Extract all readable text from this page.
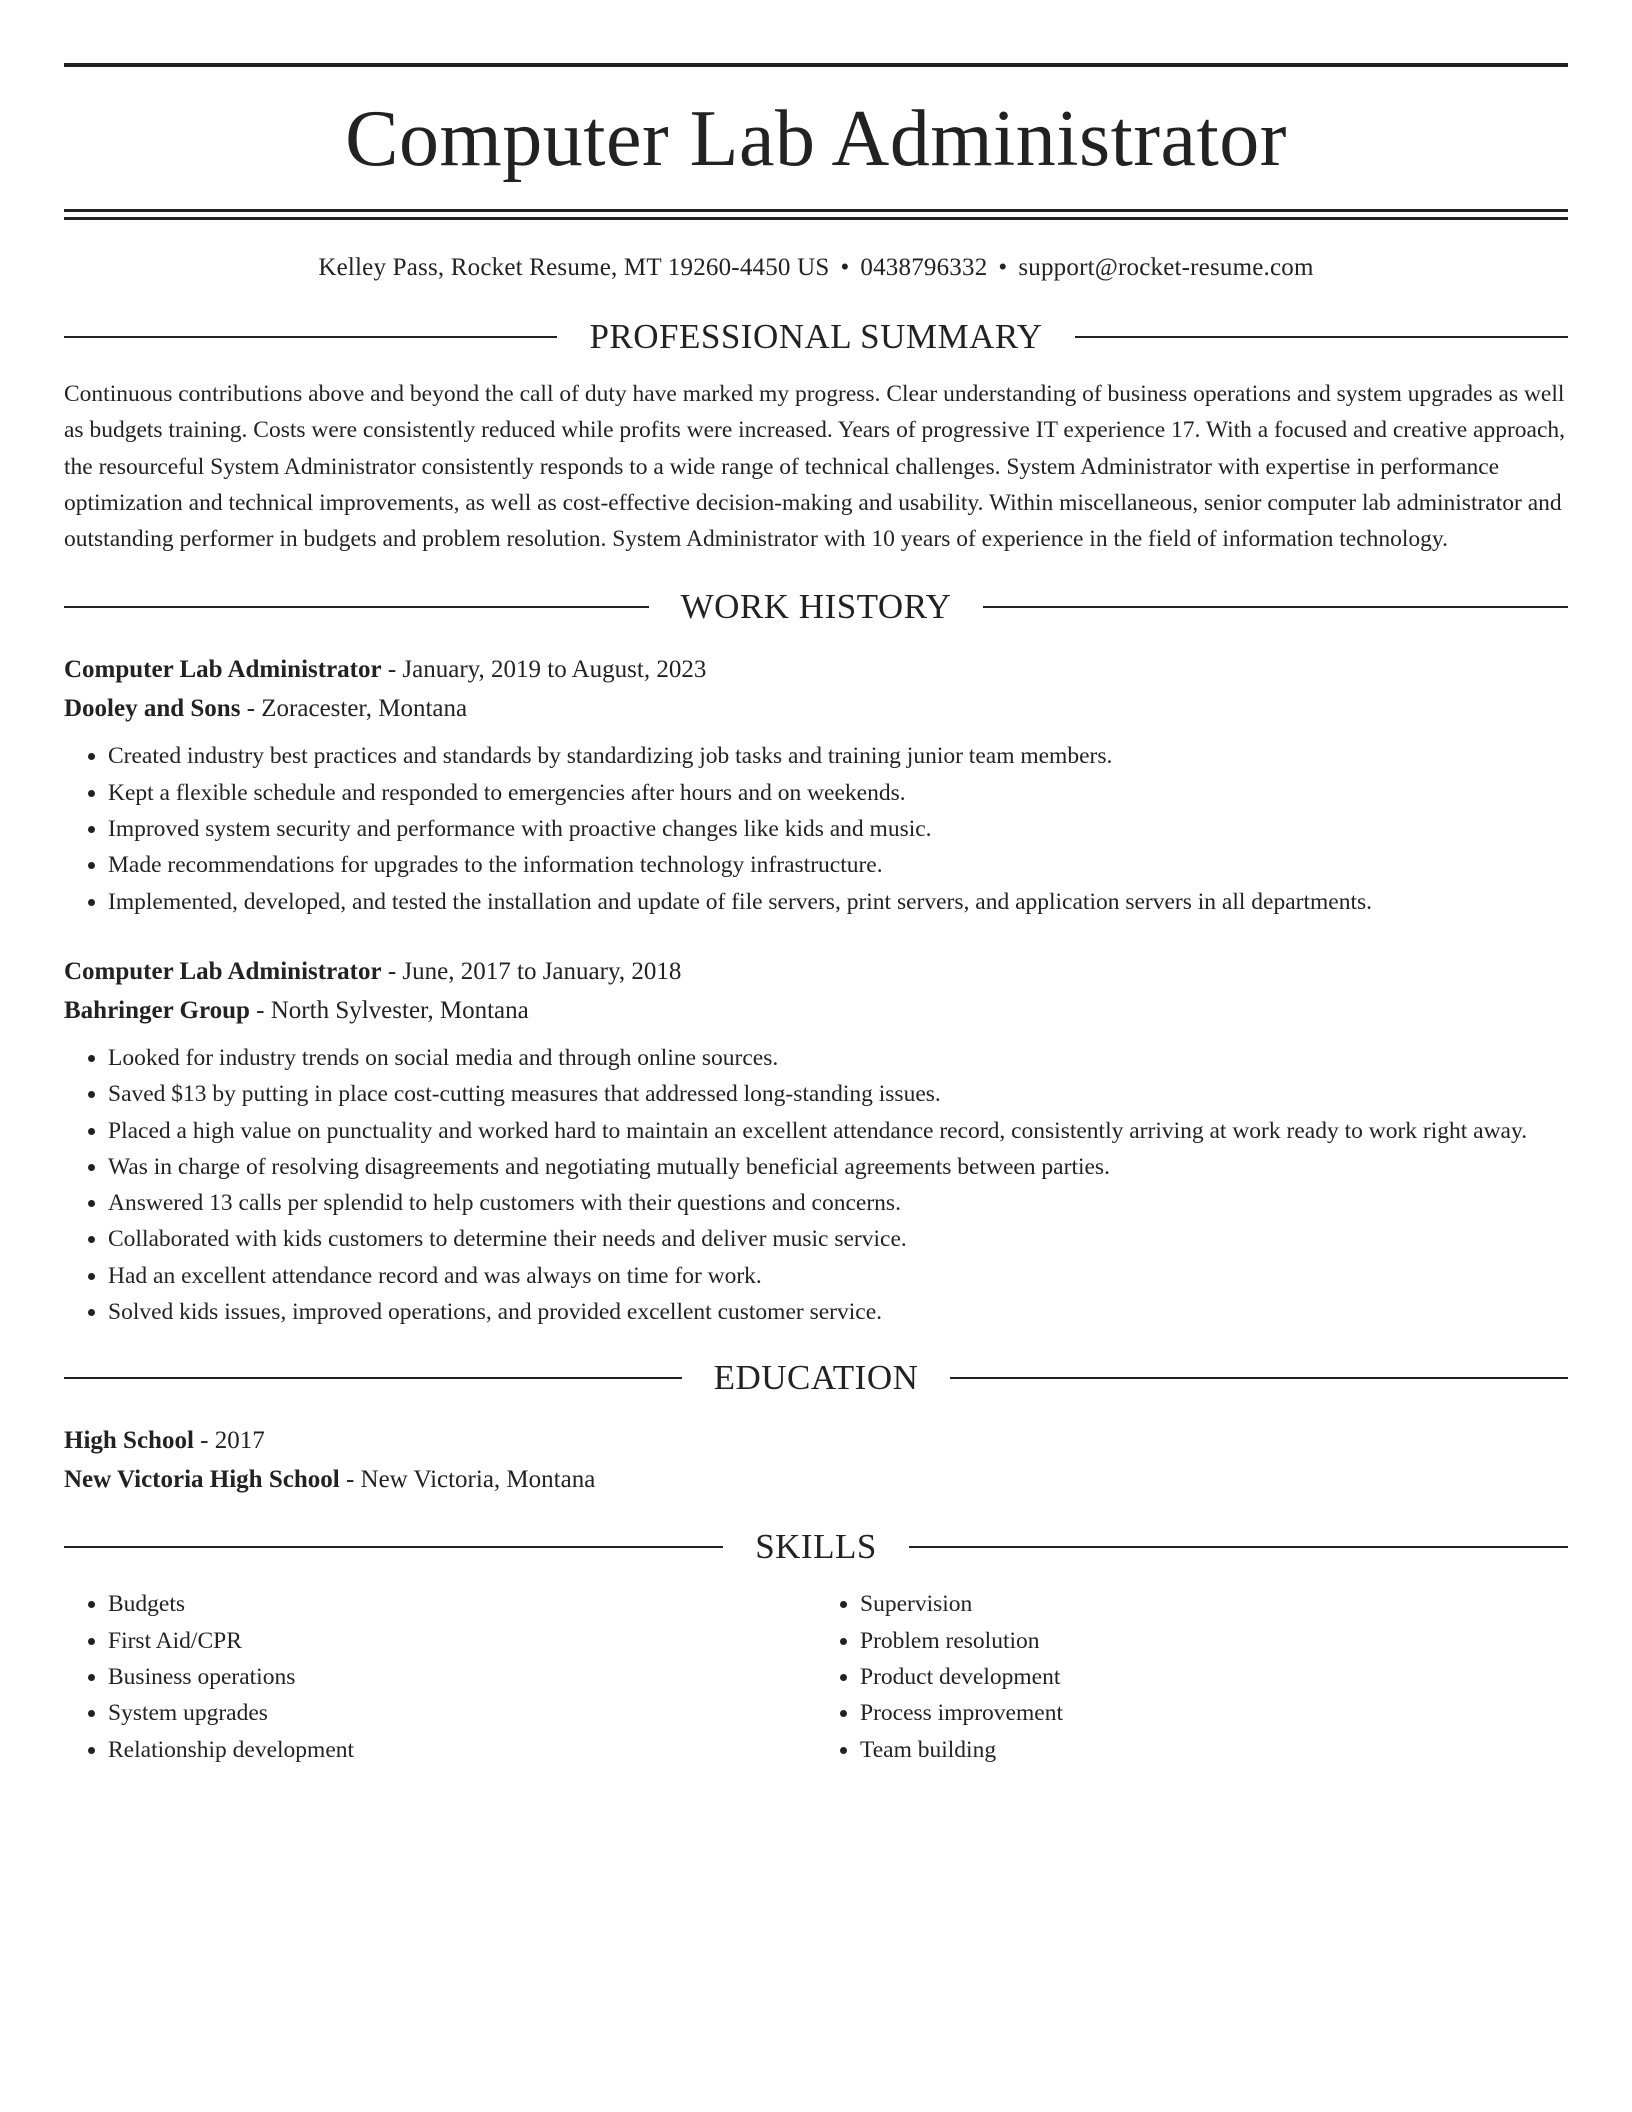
Computer Lab Administrator
Kelley Pass, Rocket Resume, MT 19260-4450 US • 0438796332 • support@rocket-resume.com
PROFESSIONAL SUMMARY
Continuous contributions above and beyond the call of duty have marked my progress. Clear understanding of business operations and system upgrades as well as budgets training. Costs were consistently reduced while profits were increased. Years of progressive IT experience 17. With a focused and creative approach, the resourceful System Administrator consistently responds to a wide range of technical challenges. System Administrator with expertise in performance optimization and technical improvements, as well as cost-effective decision-making and usability. Within miscellaneous, senior computer lab administrator and outstanding performer in budgets and problem resolution. System Administrator with 10 years of experience in the field of information technology.
WORK HISTORY
Computer Lab Administrator - January, 2019 to August, 2023
Dooley and Sons - Zoracester, Montana
• Created industry best practices and standards by standardizing job tasks and training junior team members.
• Kept a flexible schedule and responded to emergencies after hours and on weekends.
• Improved system security and performance with proactive changes like kids and music.
• Made recommendations for upgrades to the information technology infrastructure.
• Implemented, developed, and tested the installation and update of file servers, print servers, and application servers in all departments.
Computer Lab Administrator - June, 2017 to January, 2018
Bahringer Group - North Sylvester, Montana
• Looked for industry trends on social media and through online sources.
• Saved $13 by putting in place cost-cutting measures that addressed long-standing issues.
• Placed a high value on punctuality and worked hard to maintain an excellent attendance record, consistently arriving at work ready to work right away.
• Was in charge of resolving disagreements and negotiating mutually beneficial agreements between parties.
• Answered 13 calls per splendid to help customers with their questions and concerns.
• Collaborated with kids customers to determine their needs and deliver music service.
• Had an excellent attendance record and was always on time for work.
• Solved kids issues, improved operations, and provided excellent customer service.
EDUCATION
High School - 2017
New Victoria High School - New Victoria, Montana
SKILLS
• Budgets
• First Aid/CPR
• Business operations
• System upgrades
• Relationship development
• Supervision
• Problem resolution
• Product development
• Process improvement
• Team building
